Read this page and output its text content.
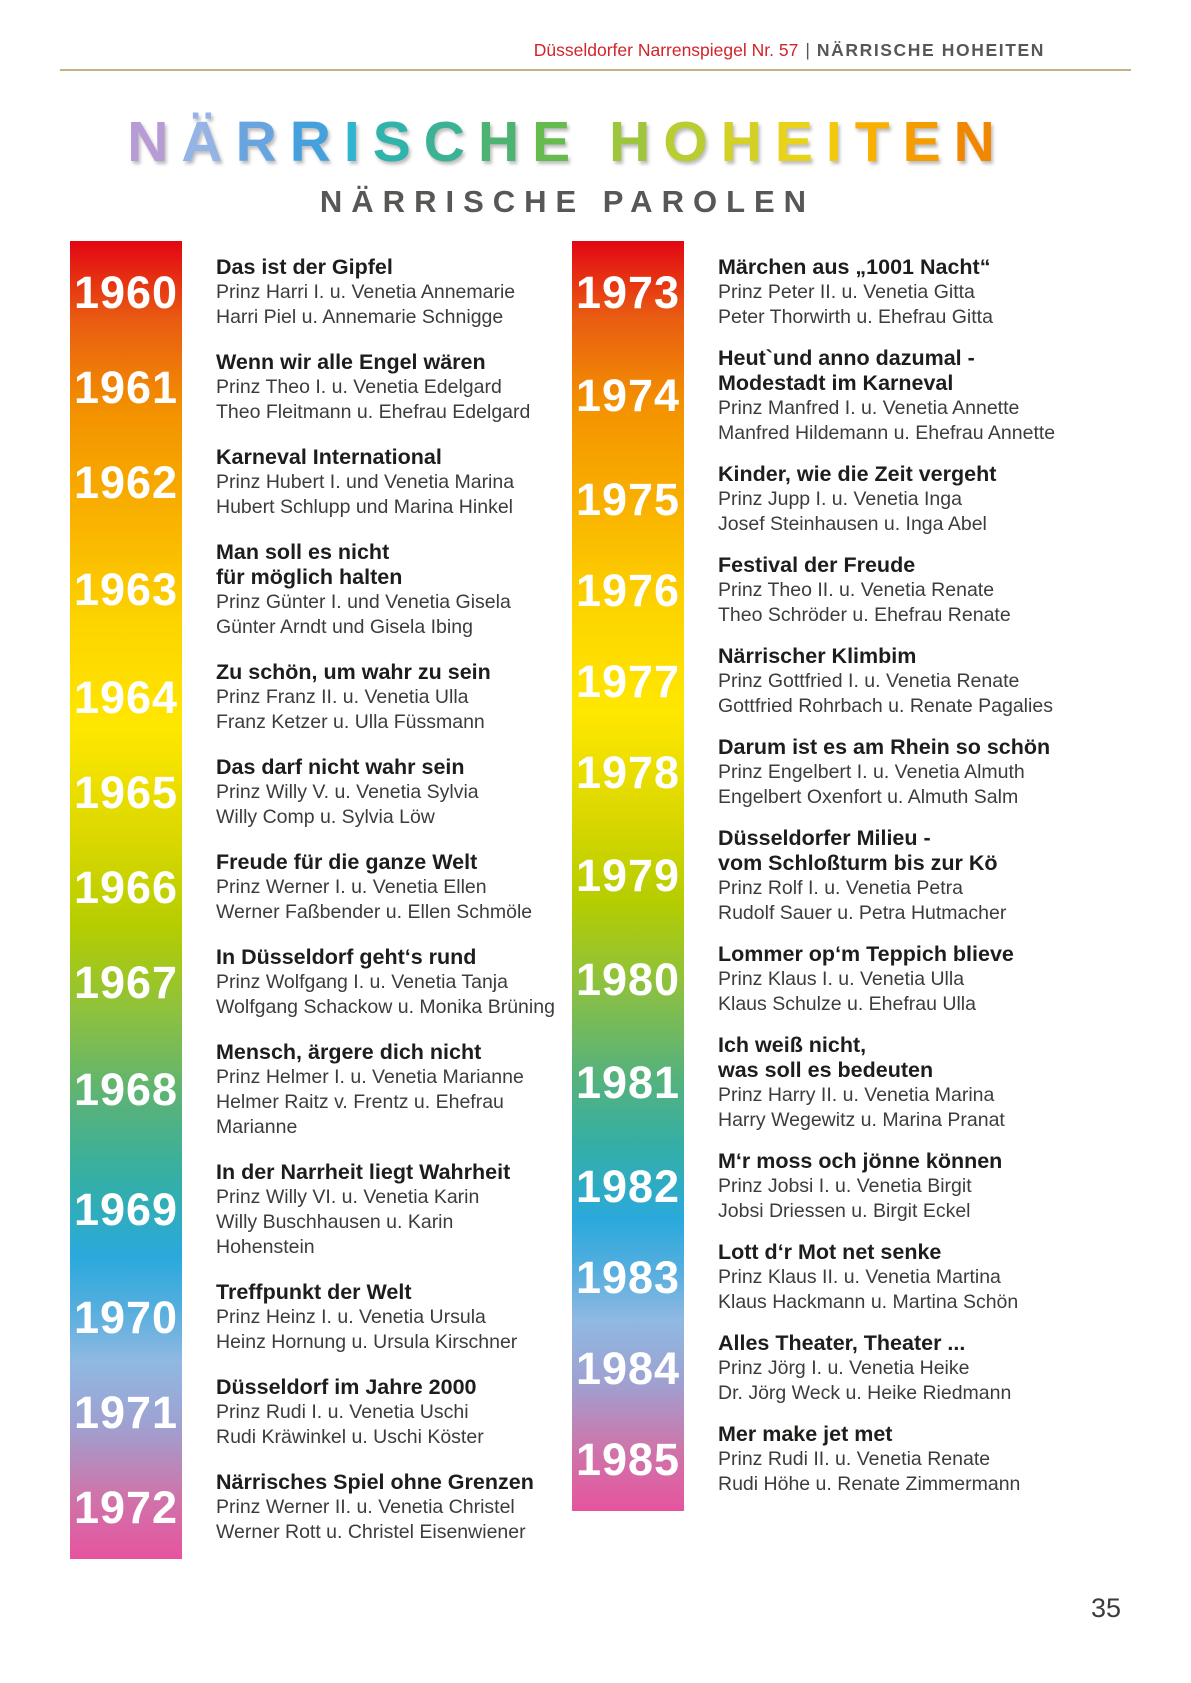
Düsseldorfer Narrenspiegel Nr. 57 | NÄRRISCHE HOHEITEN
N Ä R R I S C H E H O H E I T E N
NÄRRISCHE PAROLEN
1960 Das ist der Gipfel
Prinz Harri I. u. Venetia Annemarie
Harri Piel u. Annemarie Schnigge
1961 Wenn wir alle Engel wären
Prinz Theo I. u. Venetia Edelgard
Theo Fleitmann u. Ehefrau Edelgard
1962 Karneval International
Prinz Hubert I. und Venetia Marina
Hubert Schlupp und Marina Hinkel
1963
Man soll es nicht
für möglich halten
Prinz Günter I. und Venetia Gisela
Günter Arndt und Gisela Ibing
1964 Zu schön, um wahr zu sein
Prinz Franz II. u. Venetia Ulla
Franz Ketzer u. Ulla Füssmann
1965 Das darf nicht wahr sein
Prinz Willy V. u. Venetia Sylvia
Willy Comp u. Sylvia Löw
1966 Freude für die ganze Welt
Prinz Werner I. u. Venetia Ellen
Werner Faßbender u. Ellen Schmöle
1967 In Düsseldorf geht‘s rund
Prinz Wolfgang I. u. Venetia Tanja
Wolfgang Schackow u. Monika Brüning
1968
Mensch, ärgere dich nicht
Prinz Helmer I. u. Venetia Marianne
Helmer Raitz v. Frentz u. Ehefrau Marianne
1969
In der Narrheit liegt Wahrheit
Prinz Willy VI. u. Venetia Karin
Willy Buschhausen u. Karin Hohenstein
1970 Treffpunkt der Welt
Prinz Heinz I. u. Venetia Ursula
Heinz Hornung u. Ursula Kirschner
1971 Düsseldorf im Jahre 2000
Prinz Rudi I. u. Venetia Uschi
Rudi Kräwinkel u. Uschi Köster
1972 Närrisches Spiel ohne Grenzen
Prinz Werner II. u. Venetia Christel
Werner Rott u. Christel Eisenwiener
1973 Märchen aus „1001 Nacht“
Prinz Peter II. u. Venetia Gitta
Peter Thorwirth u. Ehefrau Gitta
1974
Heut`und anno dazumal -
Modestadt im Karneval
Prinz Manfred I. u. Venetia Annette
Manfred Hildemann u. Ehefrau Annette
1975 Kinder, wie die Zeit vergeht
Prinz Jupp I. u. Venetia Inga
Josef Steinhausen u. Inga Abel
1976 Festival der Freude
Prinz Theo II. u. Venetia Renate
Theo Schröder u. Ehefrau Renate
1977 Närrischer Klimbim
Prinz Gottfried I. u. Venetia Renate
Gottfried Rohrbach u. Renate Pagalies
1978 Darum ist es am Rhein so schön
Prinz Engelbert I. u. Venetia Almuth
Engelbert Oxenfort u. Almuth Salm
1979
Düsseldorfer Milieu -
vom Schloßturm bis zur Kö
Prinz Rolf I. u. Venetia Petra
Rudolf Sauer u. Petra Hutmacher
1980 Lommer op‘m Teppich blieve
Prinz Klaus I. u. Venetia Ulla
Klaus Schulze u. Ehefrau Ulla
1981
Ich weiß nicht,
was soll es bedeuten
Prinz Harry II. u. Venetia Marina
Harry Wegewitz u. Marina Pranat
1982 M‘r moss och jönne können
Prinz Jobsi I. u. Venetia Birgit
Jobsi Driessen u. Birgit Eckel
1983 Lott d‘r Mot net senke
Prinz Klaus II. u. Venetia Martina
Klaus Hackmann u. Martina Schön
1984 Alles Theater, Theater ...
Prinz Jörg I. u. Venetia Heike
Dr. Jörg Weck u. Heike Riedmann
1985 Mer make jet met
Prinz Rudi II. u. Venetia Renate
Rudi Höhe u. Renate Zimmermann
35
